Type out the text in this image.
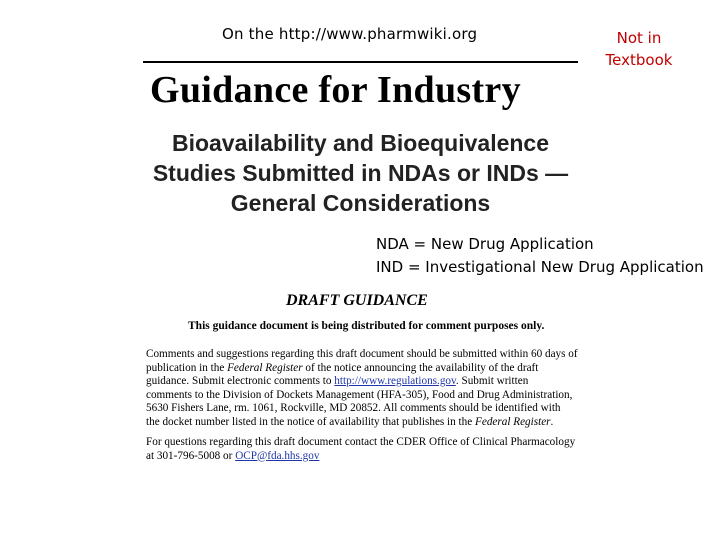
On the http://www.pharmwiki.org	Not in
Textbook
Guidance for Industry
Bioavailability and Bioequivalence
Studies Submitted in NDAs or INDs —
General Considerations
NDA = New Drug Application
IND = Investigational New Drug Application
DRAFT GUIDANCE
This guidance document is being distributed for comment purposes only.
Comments and suggestions regarding this draft document should be submitted within 60 days of
publication in the Federal Register of the notice announcing the availability of the draft
guidance. Submit electronic comments to http://www.regulations.gov. Submit written
comments to the Division of Dockets Management (HFA-305), Food and Drug Administration,
5630 Fishers Lane, rm. 1061, Rockville, MD 20852. All comments should be identified with
the docket number listed in the notice of availability that publishes in the Federal Register.
For questions regarding this draft document contact the CDER Office of Clinical Pharmacology
at 301-796-5008 or OCP@fda.hhs.gov
